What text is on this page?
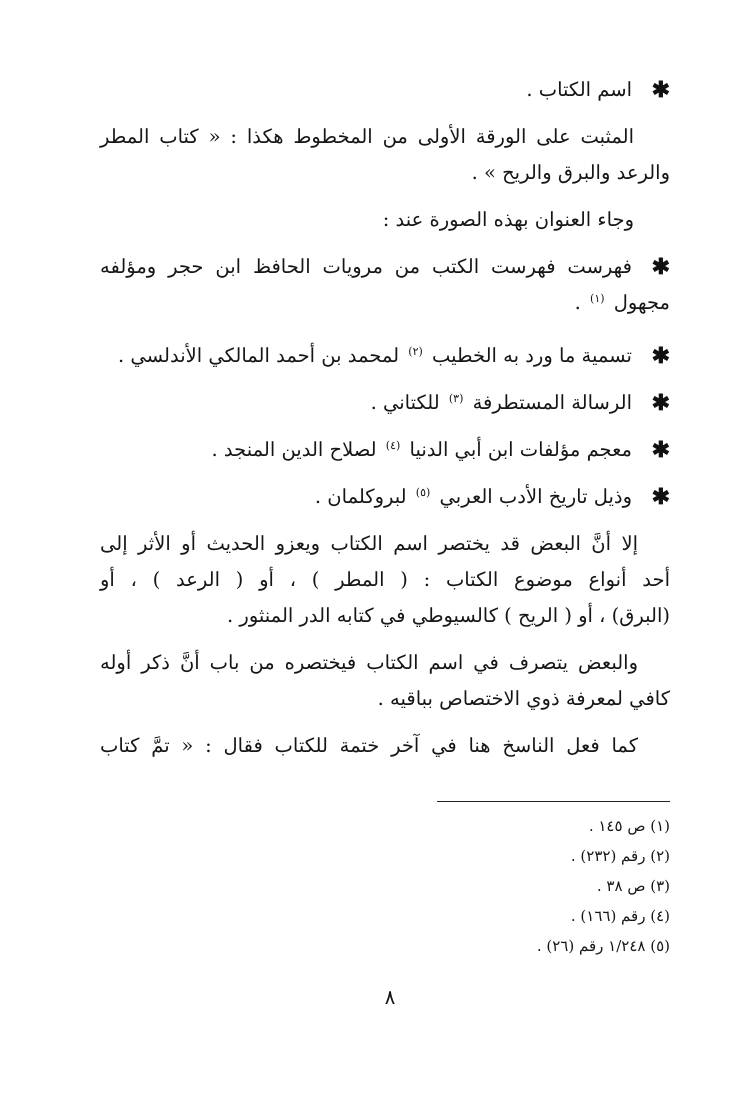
✱
اسم الكتاب .
المثبت على الورقة الأولى من المخطوط هكذا : « كتاب المطر
والرعد والبرق والريح » .
وجاء العنوان بهذه الصورة عند :
✱
فهرست فهرست الكتب من مرويات الحافظ ابن حجر ومؤلفه
مجهول $^{(١)}$ .
✱
تسمية ما ورد به الخطيب $^{(٢)}$ لمحمد بن أحمد المالكي الأندلسي .
✱
الرسالة المستطرفة $^{(٣)}$ للكتاني .
✱
معجم مؤلفات ابن أبي الدنيا $^{(٤)}$ لصلاح الدين المنجد .
✱
وذيل تاريخ الأدب العربي $^{(٥)}$ لبروكلمان .
إلا أنَّ البعض قد يختصر اسم الكتاب ويعزو الحديث أو الأثر إلى
أحد أنواع موضوع الكتاب : ( المطر ) ، أو ( الرعد ) ، أو
(البرق) ، أو ( الريح ) كالسيوطي في كتابه الدر المنثور .
والبعض يتصرف في اسم الكتاب فيختصره من باب أنَّ ذكر أوله
كافي لمعرفة ذوي الاختصاص بباقيه .
كما فعل الناسخ هنا في آخر ختمة للكتاب فقال : « تمَّ كتاب
(١) ص ١٤٥ .
(٢) رقم (٢٣٢) .
(٣) ص ٣٨ .
(٤) رقم (١٦٦) .
(٥) ١/٢٤٨ رقم (٢٦) .
٨
